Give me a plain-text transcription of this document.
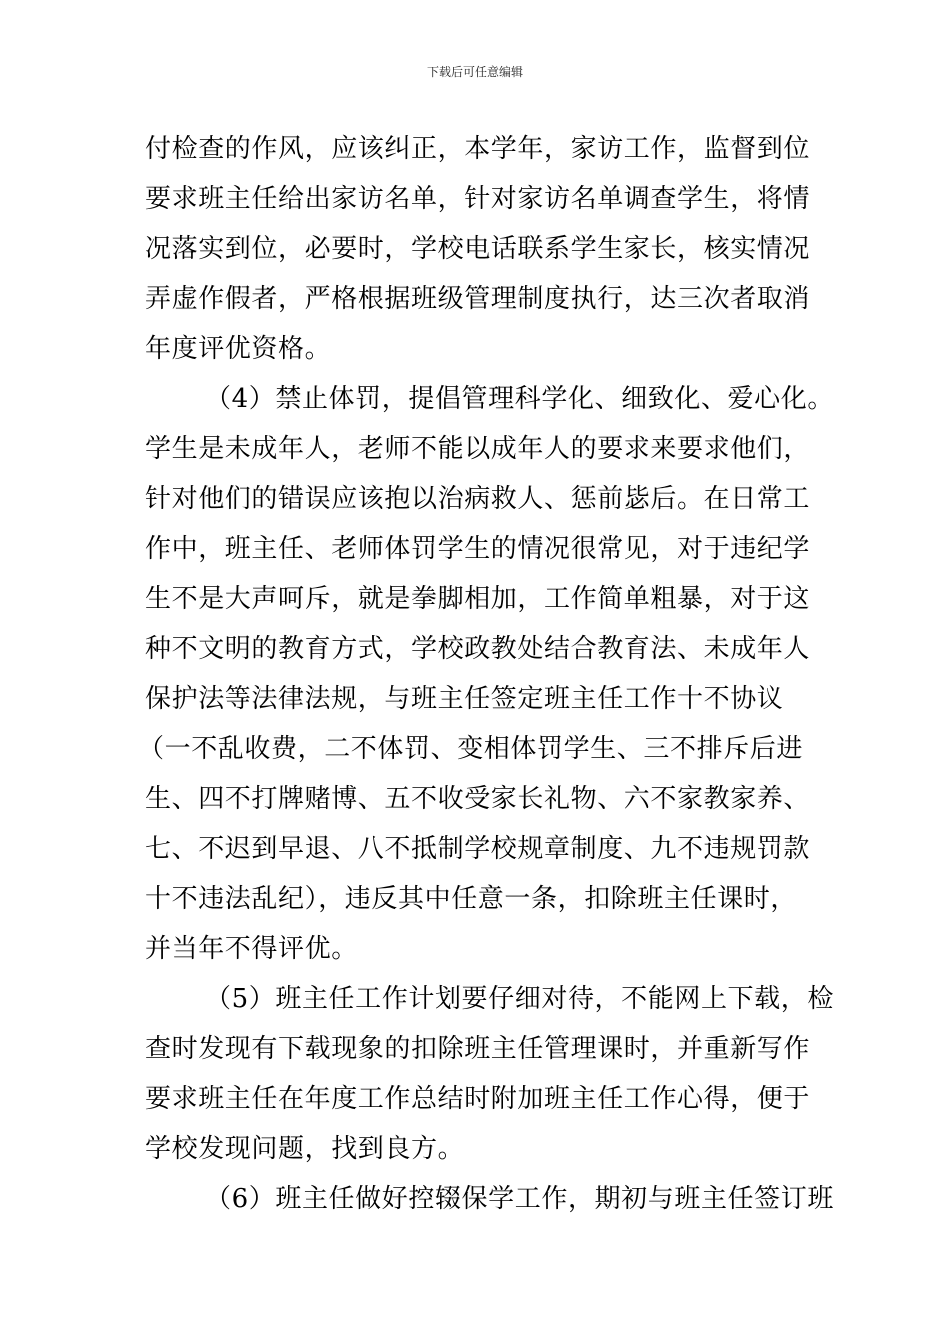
下载后可任意编辑
付检查的作风，应该纠正，本学年，家访工作，监督到位
要求班主任给出家访名单，针对家访名单调查学生，将情
况落实到位，必要时，学校电话联系学生家长，核实情况
弄虚作假者，严格根据班级管理制度执行，达三次者取消
年度评优资格。
（4）禁止体罚，提倡管理科学化、细致化、爱心化。
学生是未成年人，老师不能以成年人的要求来要求他们，
针对他们的错误应该抱以治病救人、惩前毖后。在日常工
作中，班主任、老师体罚学生的情况很常见，对于违纪学
生不是大声呵斥，就是拳脚相加，工作简单粗暴，对于这
种不文明的教育方式，学校政教处结合教育法、未成年人
保护法等法律法规，与班主任签定班主任工作十不协议
（一不乱收费，二不体罚、变相体罚学生、三不排斥后进
生、四不打牌赌博、五不收受家长礼物、六不家教家养、
七、不迟到早退、八不抵制学校规章制度、九不违规罚款
十不违法乱纪），违反其中任意一条，扣除班主任课时，
并当年不得评优。
（5）班主任工作计划要仔细对待，不能网上下载，检
查时发现有下载现象的扣除班主任管理课时，并重新写作
要求班主任在年度工作总结时附加班主任工作心得，便于
学校发现问题，找到良方。
（6）班主任做好控辍保学工作，期初与班主任签订班
